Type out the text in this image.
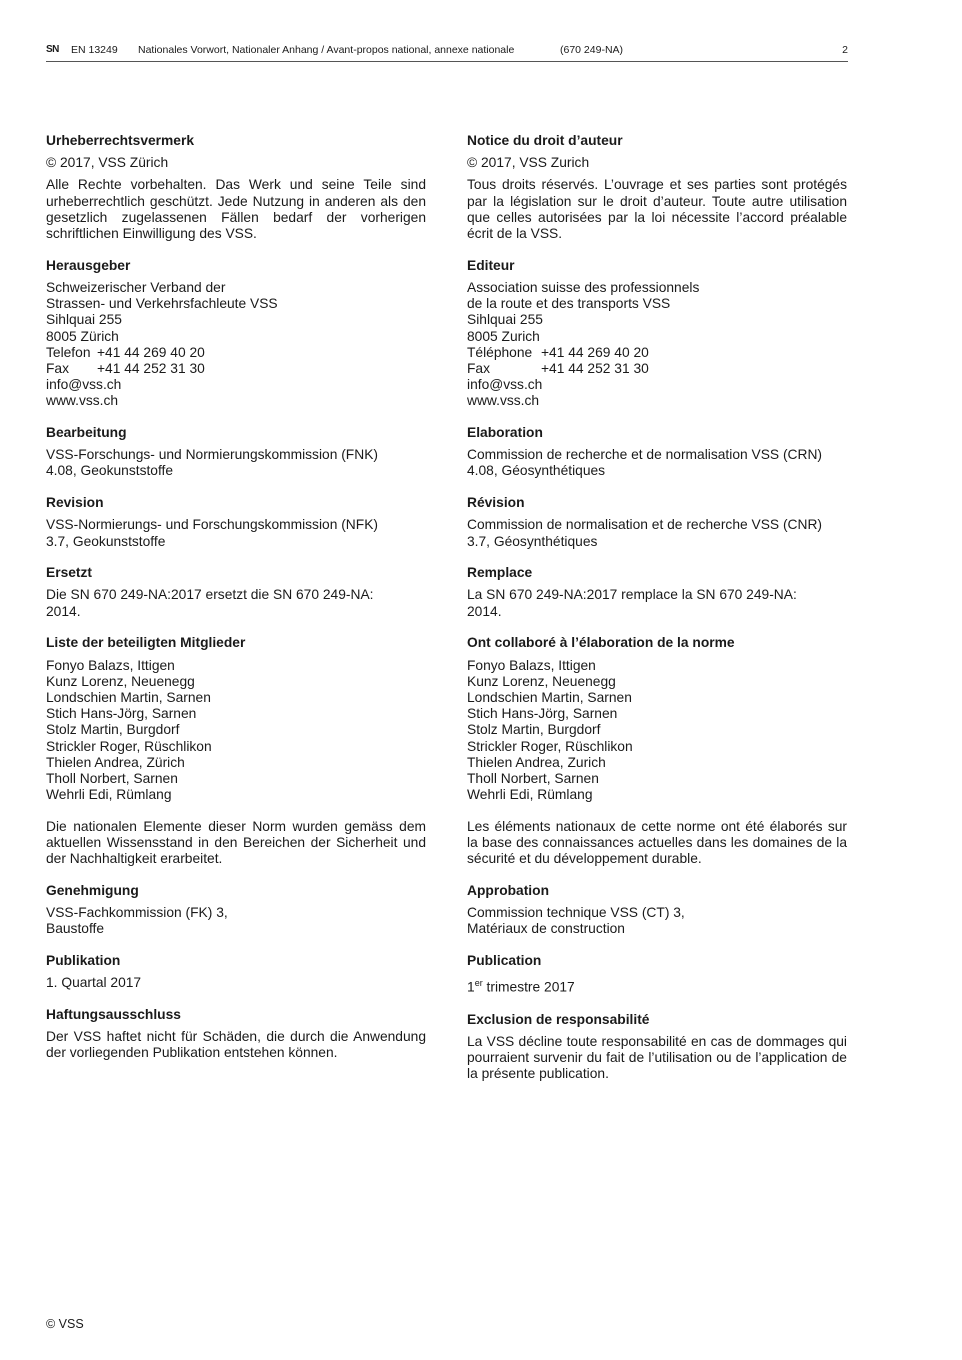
SN EN 13249 Nationales Vorwort, Nationaler Anhang / Avant-propos national, annexe nationale	(670 249-NA)	2
Urheberrechtsvermerk
© 2017, VSS Zürich
Alle Rechte vorbehalten. Das Werk und seine Teile sind urheberrechtlich geschützt. Jede Nutzung in anderen als den gesetzlich zugelassenen Fällen bedarf der vorherigen schriftlichen Einwilligung des VSS.
Herausgeber
Schweizerischer Verband der
Strassen- und Verkehrsfachleute VSS
Sihlquai 255
8005 Zürich
Telefon +41 44 269 40 20
Fax +41 44 252 31 30
info@vss.ch
www.vss.ch
Bearbeitung
VSS-Forschungs- und Normierungskommission (FNK)
4.08, Geokunststoffe
Revision
VSS-Normierungs- und Forschungskommission (NFK)
3.7, Geokunststoffe
Ersetzt
Die SN 670 249-NA:2017 ersetzt die SN 670 249-NA:
2014.
Liste der beteiligten Mitglieder
Fonyo Balazs, Ittigen
Kunz Lorenz, Neuenegg
Londschien Martin, Sarnen
Stich Hans-Jörg, Sarnen
Stolz Martin, Burgdorf
Strickler Roger, Rüschlikon
Thielen Andrea, Zürich
Tholl Norbert, Sarnen
Wehrli Edi, Rümlang
Die nationalen Elemente dieser Norm wurden gemäss dem aktuellen Wissensstand in den Bereichen der Sicherheit und der Nachhaltigkeit erarbeitet.
Genehmigung
VSS-Fachkommission (FK) 3,
Baustoffe
Publikation
1. Quartal 2017
Haftungsausschluss
Der VSS haftet nicht für Schäden, die durch die Anwendung der vorliegenden Publikation entstehen können.
Notice du droit d’auteur
© 2017, VSS Zurich
Tous droits réservés. L’ouvrage et ses parties sont protégés par la législation sur le droit d’auteur. Toute autre utilisation que celles autorisées par la loi nécessite l’accord préalable écrit de la VSS.
Editeur
Association suisse des professionnels
de la route et des transports VSS
Sihlquai 255
8005 Zurich
Téléphone +41 44 269 40 20
Fax	+41 44 252 31 30
info@vss.ch
www.vss.ch
Elaboration
Commission de recherche et de normalisation VSS (CRN)
4.08, Géosynthétiques
Révision
Commission de normalisation et de recherche VSS (CNR)
3.7, Géosynthétiques
Remplace
La SN 670 249-NA:2017 remplace la SN 670 249-NA:
2014.
Ont collaboré à l’élaboration de la norme
Fonyo Balazs, Ittigen
Kunz Lorenz, Neuenegg
Londschien Martin, Sarnen
Stich Hans-Jörg, Sarnen
Stolz Martin, Burgdorf
Strickler Roger, Rüschlikon
Thielen Andrea, Zurich
Tholl Norbert, Sarnen
Wehrli Edi, Rümlang
Les éléments nationaux de cette norme ont été élaborés sur la base des connaissances actuelles dans les domaines de la sécurité et du développement durable.
Approbation
Commission technique VSS (CT) 3,
Matériaux de construction
Publication
1er trimestre 2017
Exclusion de responsabilité
La VSS décline toute responsabilité en cas de dommages qui pourraient survenir du fait de l’utilisation ou de l’application de la présente publication.
© VSS
